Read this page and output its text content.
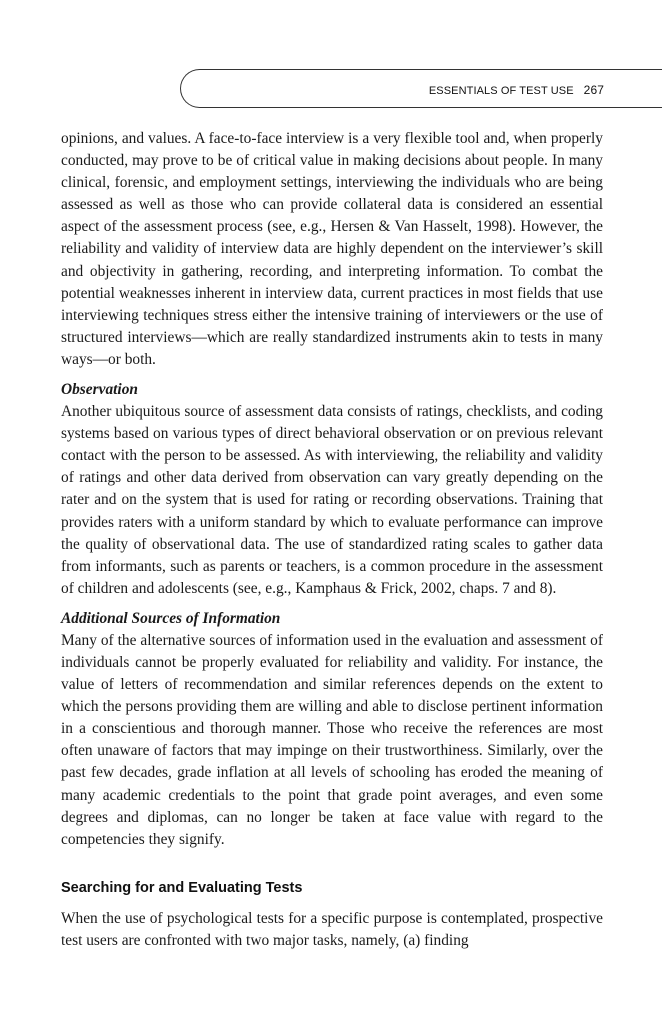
ESSENTIALS OF TEST USE 267

opinions, and values. A face-to-face interview is a very flexible tool and, when properly conducted, may prove to be of critical value in making decisions about people. In many clinical, forensic, and employment settings, interviewing the individuals who are being assessed as well as those who can provide collateral data is considered an essential aspect of the assessment process (see, e.g., Hersen & Van Hasselt, 1998). However, the reliability and validity of interview data are highly dependent on the interviewer’s skill and objectivity in gathering, recording, and interpreting information. To combat the potential weaknesses inherent in interview data, current practices in most fields that use interviewing techniques stress either the intensive training of interviewers or the use of structured interviews—which are really standardized instruments akin to tests in many ways—or both.

Observation

Another ubiquitous source of assessment data consists of ratings, checklists, and coding systems based on various types of direct behavioral observation or on previous relevant contact with the person to be assessed. As with interviewing, the reliability and validity of ratings and other data derived from observation can vary greatly depending on the rater and on the system that is used for rating or recording observations. Training that provides raters with a uniform standard by which to evaluate performance can improve the quality of observational data. The use of standardized rating scales to gather data from informants, such as parents or teachers, is a common procedure in the assessment of children and adolescents (see, e.g., Kamphaus & Frick, 2002, chaps. 7 and 8).

Additional Sources of Information

Many of the alternative sources of information used in the evaluation and assessment of individuals cannot be properly evaluated for reliability and validity. For instance, the value of letters of recommendation and similar references depends on the extent to which the persons providing them are willing and able to disclose pertinent information in a conscientious and thorough manner. Those who receive the references are most often unaware of factors that may impinge on their trustworthiness. Similarly, over the past few decades, grade inflation at all levels of schooling has eroded the meaning of many academic credentials to the point that grade point averages, and even some degrees and diplomas, can no longer be taken at face value with regard to the competencies they signify.

Searching for and Evaluating Tests

When the use of psychological tests for a specific purpose is contemplated, prospective test users are confronted with two major tasks, namely, (a) finding
